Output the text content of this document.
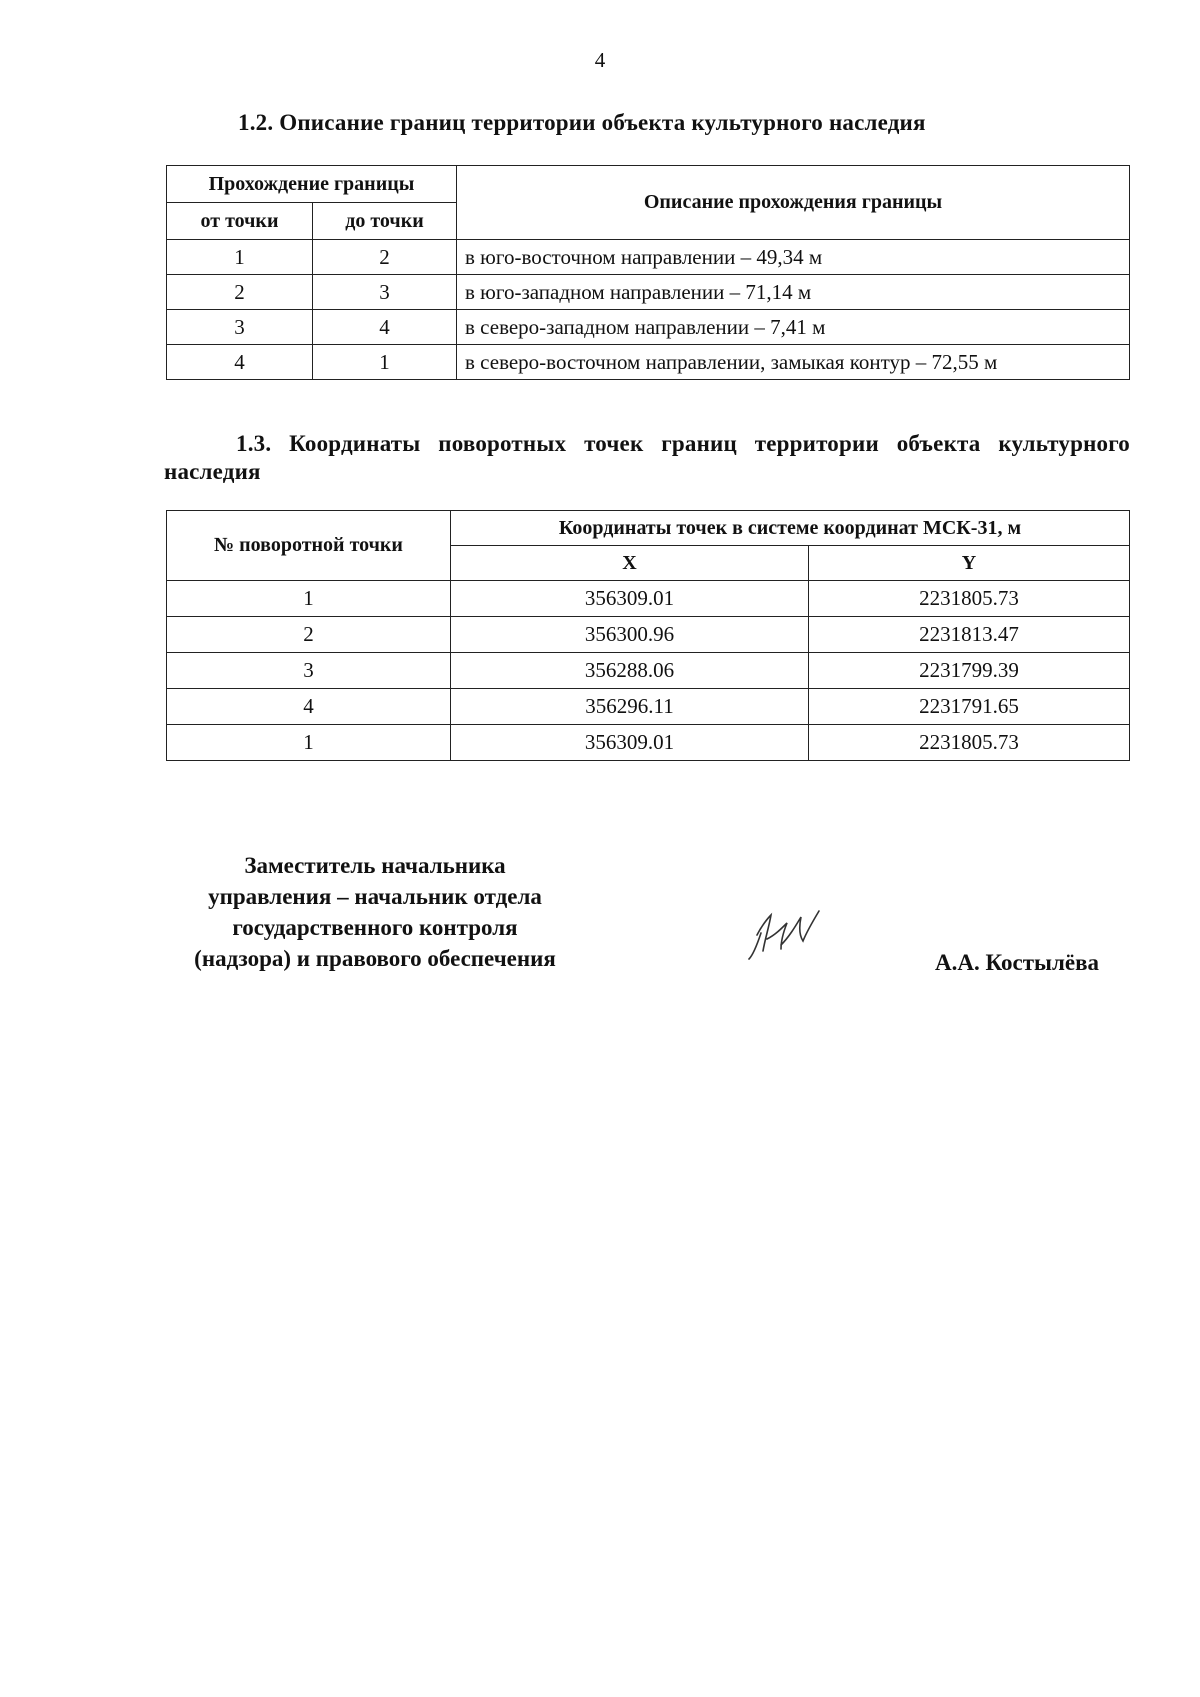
4
1.2. Описание границ территории объекта культурного наследия
Прохождение границы		Описание прохождения границы
от точки	до точки	
1	2	в юго-восточном направлении – 49,34 м
2	3	в юго-западном направлении – 71,14 м
3	4	в северо-западном направлении – 7,41 м
4	1	в северо-восточном направлении, замыкая контур – 72,55 м
1.3. Координаты поворотных точек границ территории объекта культурного наследия
№ поворотной точки	Координаты точек в системе координат МСК-31, м	
	X	Y
1	356309.01	2231805.73
2	356300.96	2231813.47
3	356288.06	2231799.39
4	356296.11	2231791.65
1	356309.01	2231805.73
Заместитель начальника
управления – начальник отдела
государственного контроля
(надзора) и правового обеспечения	А.А. Костылёва
